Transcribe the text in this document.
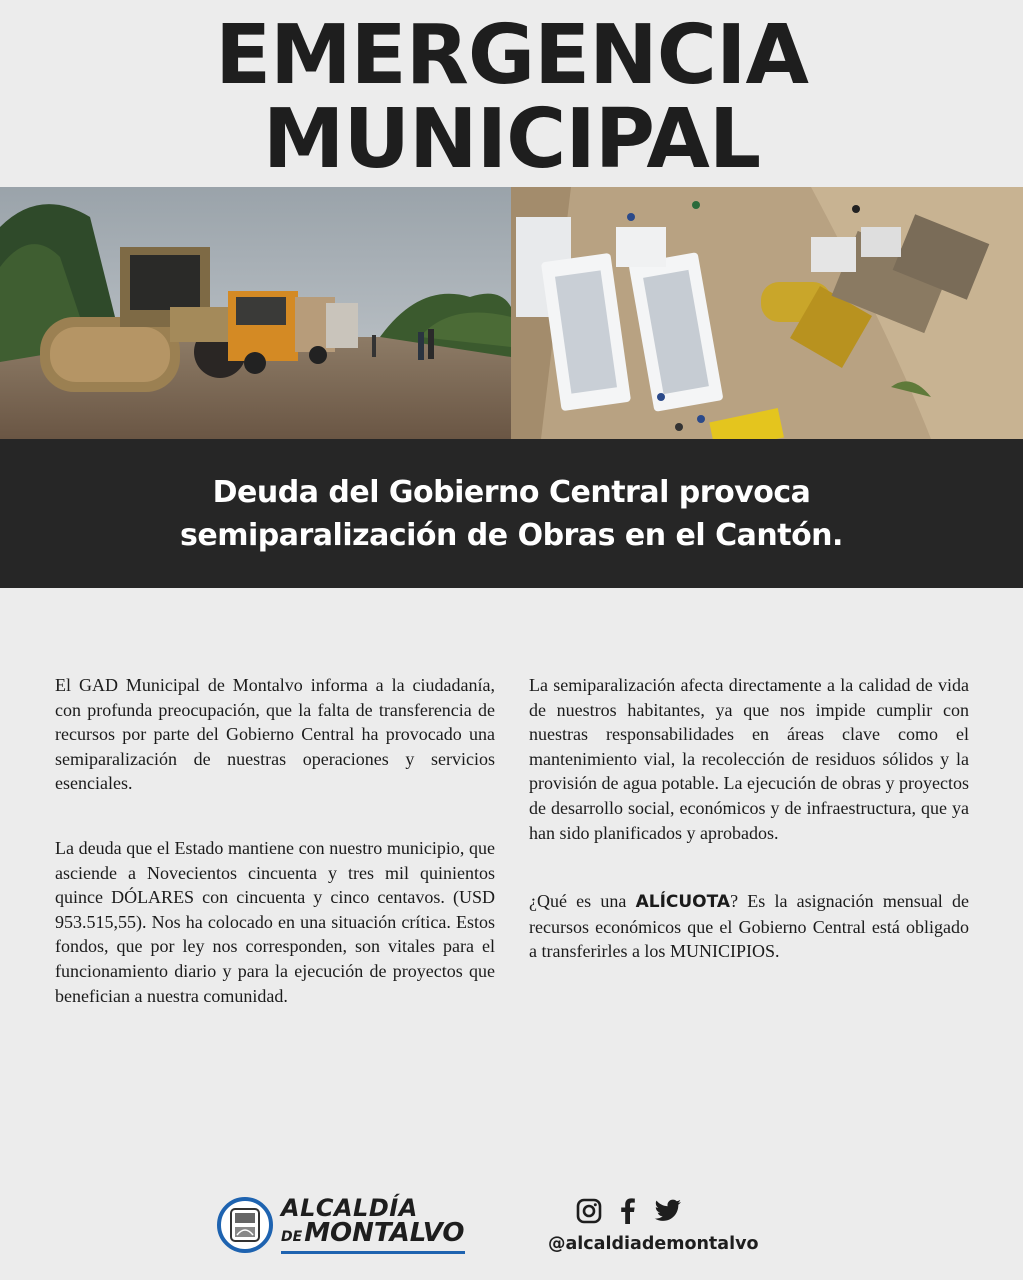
EMERGENCIA
MUNICIPAL
Deuda del Gobierno Central provoca
semiparalización de Obras en el Cantón.

El GAD Municipal de Montalvo informa a la ciudadanía, con profunda preocupación, que la falta de transferencia de recursos por parte del Gobierno Central ha provocado una semiparalización de nuestras operaciones y servicios esenciales.

La deuda que el Estado mantiene con nuestro municipio, que asciende a Novecientos cincuenta y tres mil quinientos quince DÓLARES con cincuenta y cinco centavos. (USD 953.515,55). Nos ha colocado en una situación crítica. Estos fondos, que por ley nos corresponden, son vitales para el funcionamiento diario y para la ejecución de proyectos que benefician a nuestra comunidad.

La semiparalización afecta directamente a la calidad de vida de nuestros habitantes, ya que nos impide cumplir con nuestras responsabilidades en áreas clave como el mantenimiento vial, la recolección de residuos sólidos y la provisión de agua potable. La ejecución de obras y proyectos de desarrollo social, económicos y de infraestructura, que ya han sido planificados y aprobados.

¿Qué es una ALÍCUOTA? Es la asignación mensual de recursos económicos que el Gobierno Central está obligado a transferirles a los MUNICIPIOS.

ALCALDÍA
DE MONTALVO	@alcaldiademontalvo
